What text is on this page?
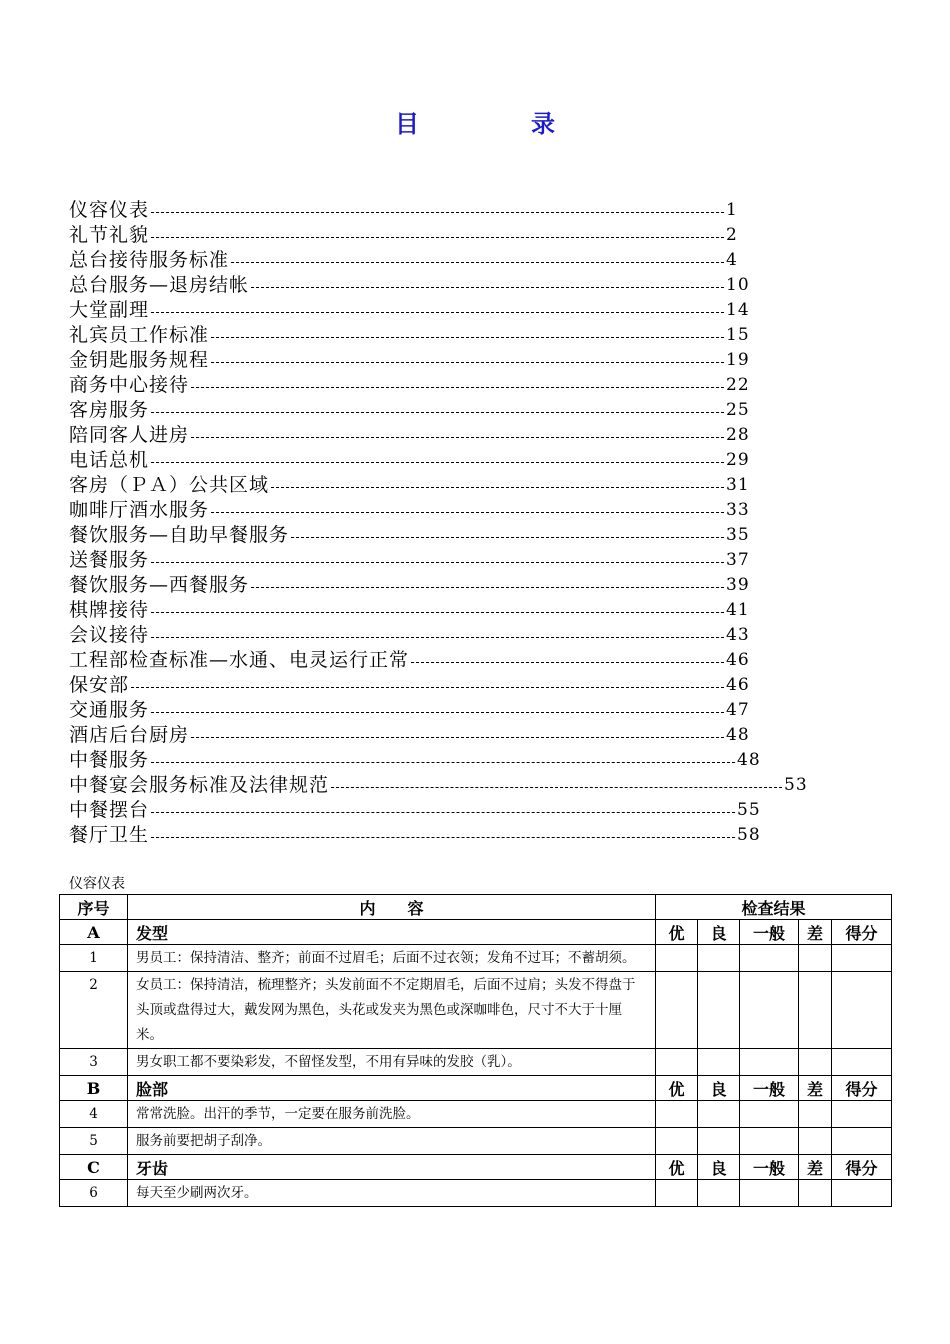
目　录
仪容仪表	1
礼节礼貌	2
总台接待服务标准	4
总台服务—退房结帐	10
大堂副理	14
礼宾员工作标准	15
金钥匙服务规程	19
商务中心接待	22
客房服务	25
陪同客人进房	28
电话总机	29
客房（ＰＡ）公共区域	31
咖啡厅酒水服务	33
餐饮服务—自助早餐服务	35
送餐服务	37
餐饮服务—西餐服务	39
棋牌接待	41
会议接待	43
工程部检查标准—水通、电灵运行正常	46
保安部	46
交通服务	47
酒店后台厨房	48
中餐服务	48
中餐宴会服务标准及法律规范	53
中餐摆台	55
餐厅卫生	58
仪容仪表
序号	内　　容	检查结果				
A	发型	优	良	一般	差	得分
1	男员工：保持清洁、整齐；前面不过眉毛；后面不过衣领；发角不过耳；不蓄胡须。					
2	女员工：保持清洁，梳理整齐；头发前面不不定期眉毛，后面不过肩；头发不得盘于头顶或盘得过大，戴发网为黑色，头花或发夹为黑色或深咖啡色，尺寸不大于十厘米。					
3	男女职工都不要染彩发，不留怪发型，不用有异味的发胶（乳）。					
B	脸部	优	良	一般	差	得分
4	常常洗脸。出汗的季节，一定要在服务前洗脸。					
5	服务前要把胡子刮净。					
C	牙齿	优	良	一般	差	得分
6	每天至少刷两次牙。					
